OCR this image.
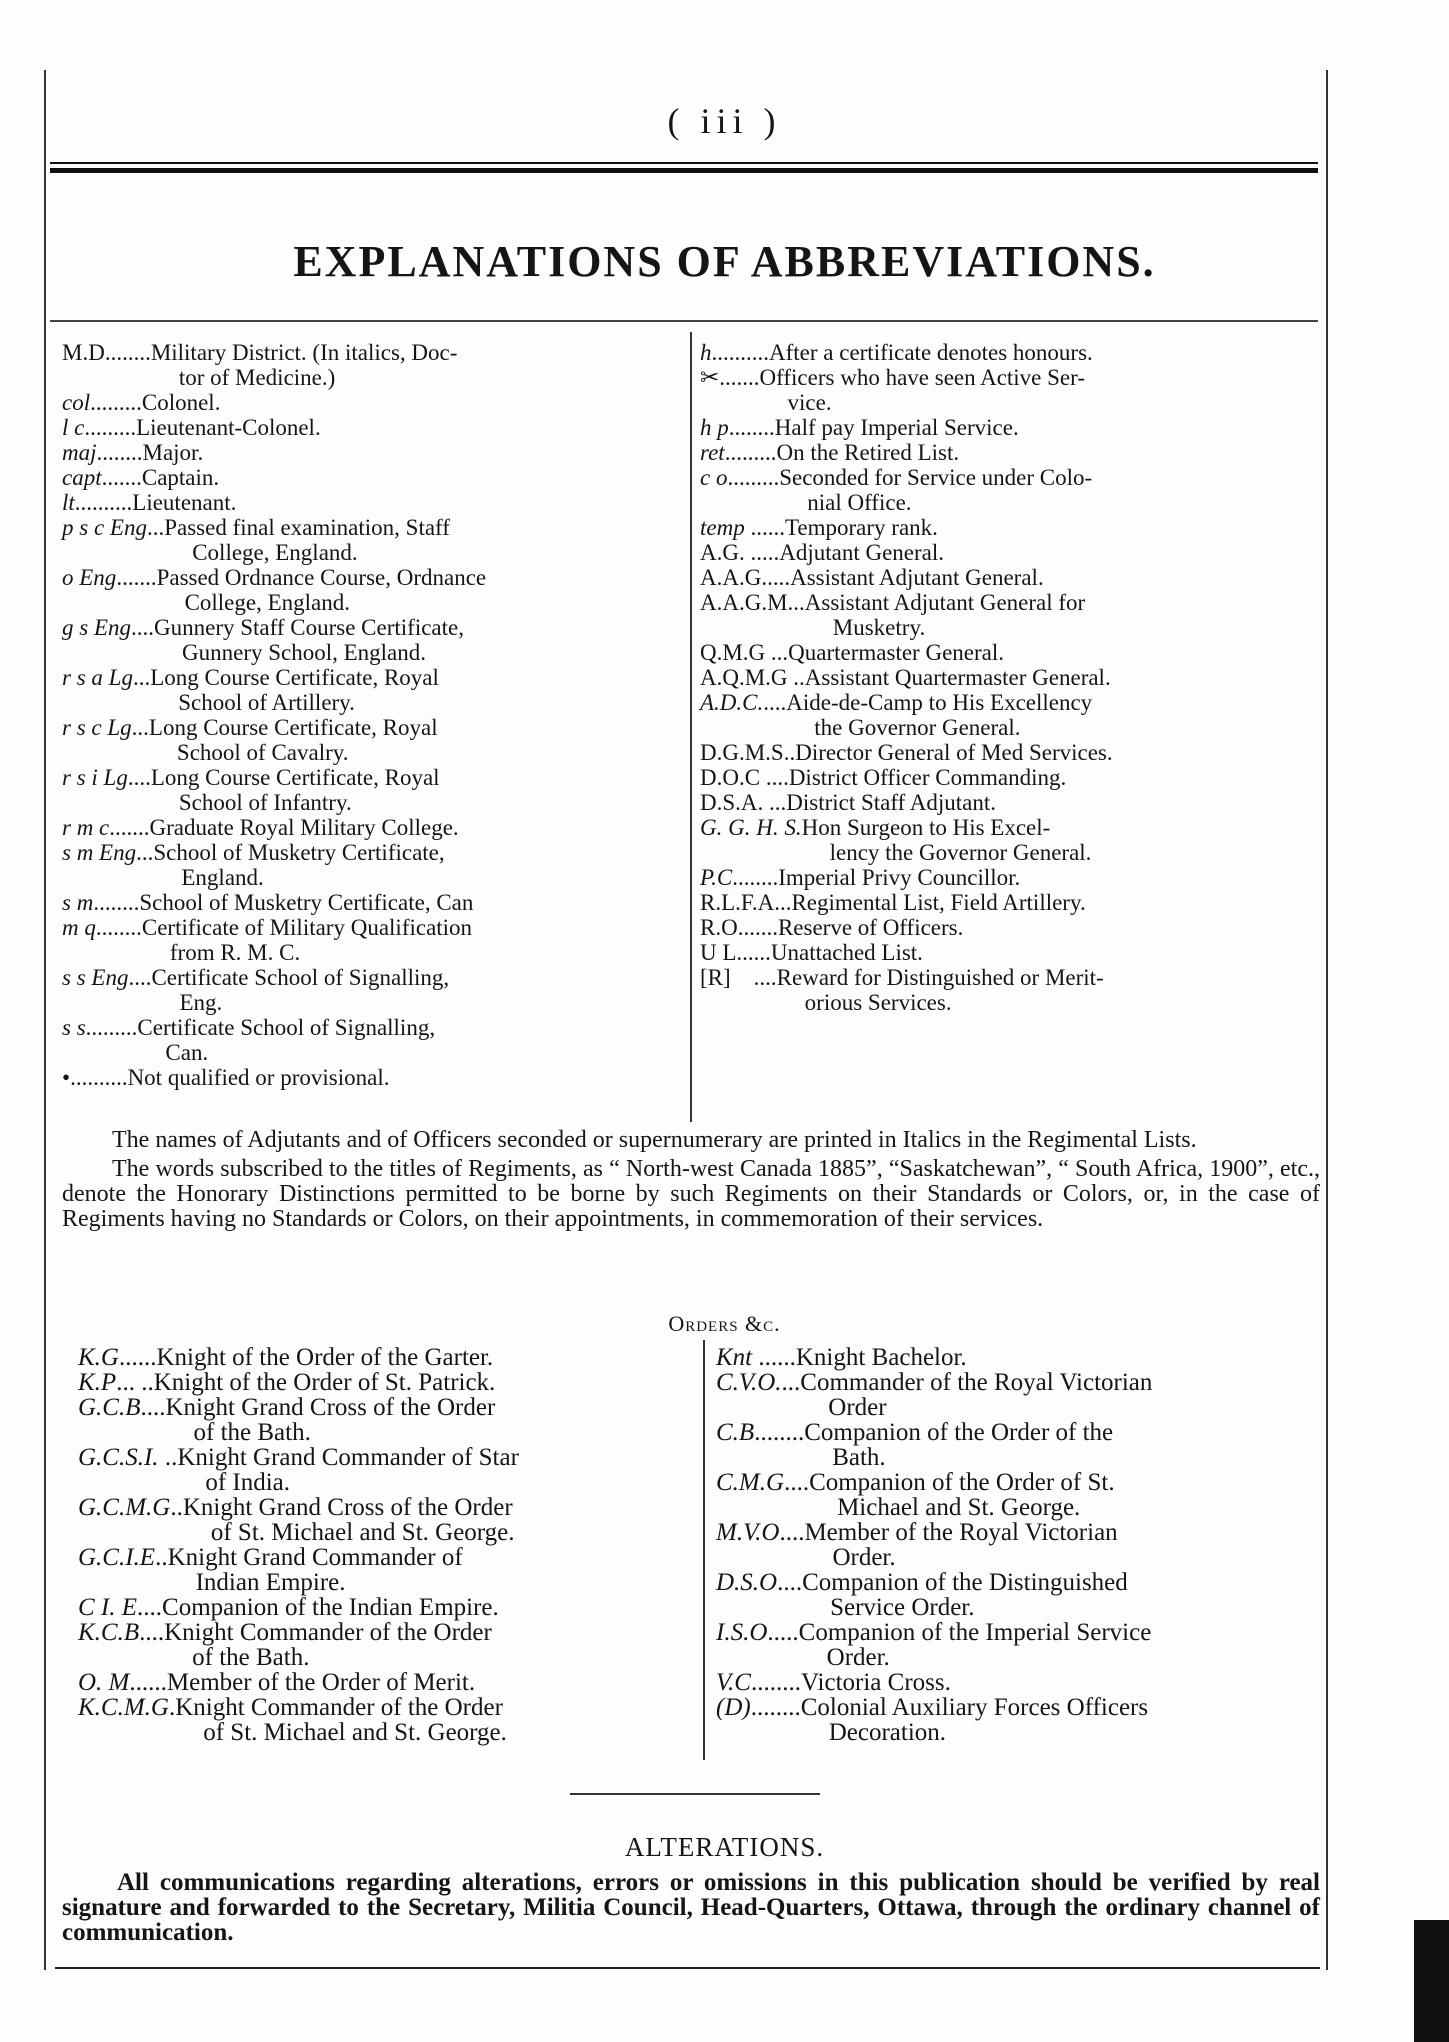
( iii )
EXPLANATIONS OF ABBREVIATIONS.
M.D ........ Military District. (In italics, Doc-
tor of Medicine.)
col ......... Colonel.
l c ......... Lieutenant-Colonel.
maj ........ Major.
capt ....... Captain.
lt .......... Lieutenant.
p s c Eng ... Passed final examination, Staff
College, England.
o Eng ....... Passed Ordnance Course, Ordnance
College, England.
g s Eng .... Gunnery Staff Course Certificate,
Gunnery School, England.
r s a Lg ... Long Course Certificate, Royal
School of Artillery.
r s c Lg ... Long Course Certificate, Royal
School of Cavalry.
r s i Lg .... Long Course Certificate, Royal
School of Infantry.
r m c ....... Graduate Royal Military College.
s m Eng ... School of Musketry Certificate,
England.
s m ........ School of Musketry Certificate, Can
m q ........ Certificate of Military Qualification
from R. M. C.
s s Eng .... Certificate School of Signalling,
Eng.
s s ......... Certificate School of Signalling,
Can.
• .......... Not qualified or provisional.
h .......... After a certificate denotes honours.
✂ ....... Officers who have seen Active Ser-
vice.
h p ........ Half pay Imperial Service.
ret ......... On the Retired List.
c o ......... Seconded for Service under Colo-
nial Office.
temp ...... Temporary rank.
A.G. ..... Adjutant General.
A.A.G. .... Assistant Adjutant General.
A.A.G.M. .. Assistant Adjutant General for
Musketry.
Q.M.G ... Quartermaster General.
A.Q.M.G .. Assistant Quartermaster General.
A.D.C. .... Aide-de-Camp to His Excellency
the Governor General.
D.G.M.S .. Director General of Med Services.
D.O.C .... District Officer Commanding.
D.S.A. ... District Staff Adjutant.
G. G. H. S. Hon Surgeon to His Excel-
lency the Governor General.
P.C ........ Imperial Privy Councillor.
R.L.F.A ... Regimental List, Field Artillery.
R.O. ...... Reserve of Officers.
U L ...... Unattached List.
[R] .... Reward for Distinguished or Merit-
orious Services.

The names of Adjutants and of Officers seconded or supernumerary are printed in Italics in the Regimental Lists.

The words subscribed to the titles of Regiments, as “ North-west Canada 1885”, “Saskatchewan”, “ South Africa, 1900”, etc., denote the Honorary Distinctions permitted to be borne by such Regiments on their Standards or Colors, or, in the case of Regiments having no Standards or Colors, on their appointments, in commemoration of their services.

Orders &c.
K.G ...... Knight of the Order of the Garter.
K.P ... .. Knight of the Order of St. Patrick.
G.C.B .... Knight Grand Cross of the Order
of the Bath.
G.C.S.I. .. Knight Grand Commander of Star
of India.
G.C.M.G .. Knight Grand Cross of the Order
of St. Michael and St. George.
G.C.I.E .. Knight Grand Commander of
Indian Empire.
C I. E .... Companion of the Indian Empire.
K.C.B .... Knight Commander of the Order
of the Bath.
O. M ...... Member of the Order of Merit.
K.C.M.G . Knight Commander of the Order
of St. Michael and St. George.
Knt ...... Knight Bachelor.
C.V.O. ... Commander of the Royal Victorian
Order
C.B ........ Companion of the Order of the
Bath.
C.M.G .... Companion of the Order of St.
Michael and St. George.
M.V.O .... Member of the Royal Victorian
Order.
D.S.O .... Companion of the Distinguished
Service Order.
I.S.O ..... Companion of the Imperial Service
Order.
V.C ........ Victoria Cross.
(D) ........ Colonial Auxiliary Forces Officers
Decoration.
ALTERATIONS.

All communications regarding alterations, errors or omissions in this publication should be verified by real signature and forwarded to the Secretary, Militia Council, Head-Quarters, Ottawa, through the ordinary channel of communication.
